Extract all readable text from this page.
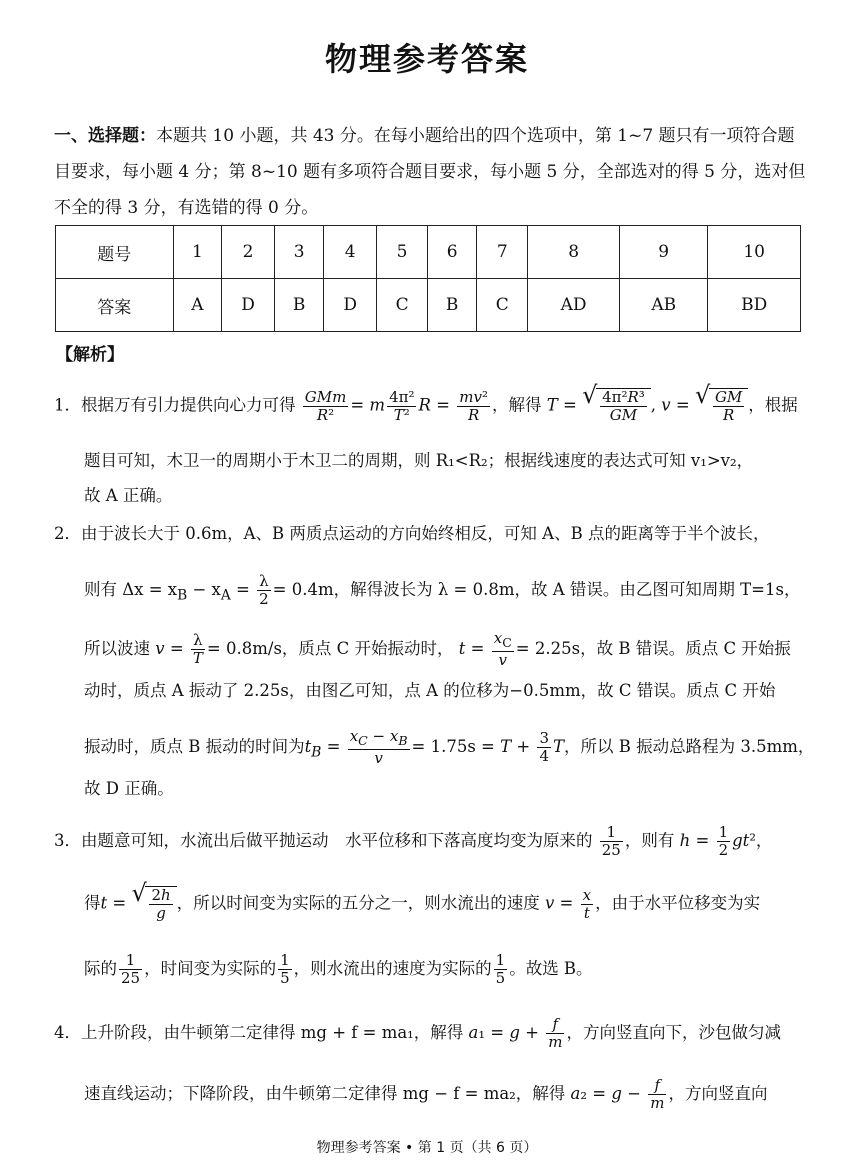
物理参考答案
一、选择题：本题共 10 小题，共 43 分。在每小题给出的四个选项中，第 1~7 题只有一项符合题目要求，每小题 4 分；第 8~10 题有多项符合题目要求，每小题 5 分，全部选对的得 5 分，选对但不全的得 3 分，有选错的得 0 分。
题号	1	2	3	4	5	6	7	8	9	10
答案	A	D	B	D	C	B	C	AD	AB	BD
【解析】
1．根据万有引力提供向心力可得 $\frac{\text{GMm}}{\text{R²}} = m \frac{\text{4π²}}{\text{T²}}$ $R = \frac{\text{mv²}}{R}$ ，解得 T = √ $\frac{\text{4π²R³}}{GM}$ , v = √ $\frac{GM}{R}$ ，根据
题目可知，木卫一的周期小于木卫二的周期，则 R₁<R₂；根据线速度的表达式可知 v₁>v₂，
故 A 正确。
2．由于波长大于 0.6m，A、B 两质点运动的方向始终相反，可知 A、B 点的距离等于半个波长，
则有 $\Delta x = x_B - x_A = \frac{\lambda}{2} = 0.4m$，解得波长为 λ = 0.8m，故 A 错误。由乙图可知周期 T=1s，
所以波速 $v = \frac{\lambda}{T} = 0.8m/s$，质点 C 开始振动时， $t = \frac{x_C}{v} = 2.25s$，故 B 错误。质点 C 开始振
动时，质点 A 振动了 2.25s，由图乙可知，点 A 的位移为−0.5mm，故 C 错误。质点 C 开始
振动时，质点 B 振动的时间为$t_B = \frac{x_C - x_B}{v} = 1.75s = T + \frac{3}{4}$ T，所以 B 振动总路程为 3.5mm，
故 D 正确。
3．由题意可知，水流出后做平抛运动　水平位移和下落高度均变为原来的 $\frac{1}{25}$ ，则有 $h = \frac{1}{2} gt^2$，
得t = √ $\frac{2h}{g}$ ，所以时间变为实际的五分之一，则水流出的速度 $v = \frac{x}{t}$ ，由于水平位移变为实
际的 $\frac{1}{25}$ ，时间变为实际的 $\frac{1}{5}$ ，则水流出的速度为实际的 $\frac{1}{5}$ 。故选 B。
4．上升阶段，由牛顿第二定律得 mg + f = ma₁，解得 $a_1 = g + \frac{f}{m}$ ，方向竖直向下，沙包做匀减
速直线运动；下降阶段，由牛顿第二定律得 mg − f = ma₂，解得 $a_2 = g - \frac{f}{m}$ ，方向竖直向
物理参考答案 • 第 1 页（共 6 页）
